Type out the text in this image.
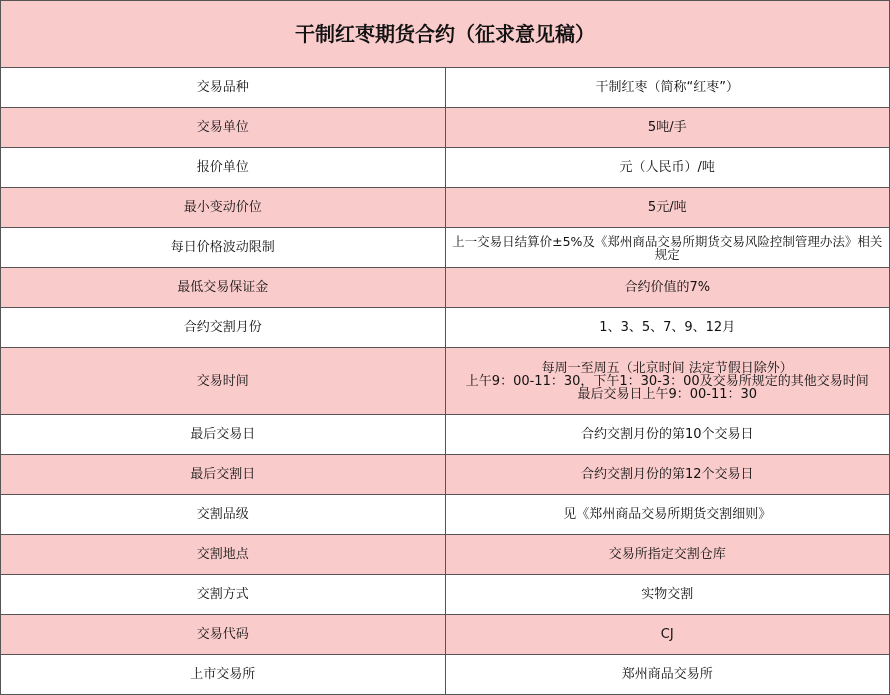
干制红枣期货合约（征求意见稿）	
交易品种	干制红枣（简称“红枣”）
交易单位	5吨/手
报价单位	元（人民币）/吨
最小变动价位	5元/吨
每日价格波动限制	上一交易日结算价±5%及《郑州商品交易所期货交易风险控制管理办法》相关规定
最低交易保证金	合约价值的7%
合约交割月份	1、3、5、7、9、12月
交易时间	每周一至周五（北京时间 法定节假日除外）
上午9：00-11：30，下午1：30-3：00及交易所规定的其他交易时间
最后交易日上午9：00-11：30

最后交易日	合约交割月份的第10个交易日
最后交割日	合约交割月份的第12个交易日
交割品级	见《郑州商品交易所期货交割细则》
交割地点	交易所指定交割仓库
交割方式	实物交割
交易代码	CJ
上市交易所	郑州商品交易所
